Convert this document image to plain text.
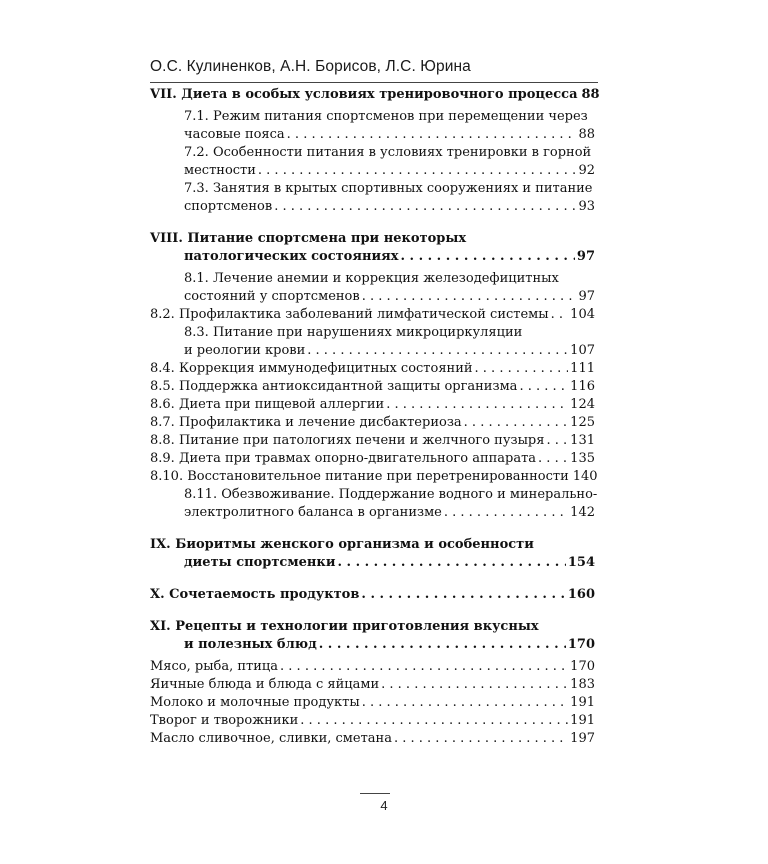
О.С. Кулиненков, А.Н. Борисов, Л.С. Юрина
VII. Диета в особых условиях тренировочного процесса 88
7.1. Режим питания спортсменов при перемещении через
часовые пояса . . .	88
7.2. Особенности питания в условиях тренировки в горной
местности . . .	92
7.3. Занятия в крытых спортивных сооружениях и питание
спортсменов . . .	93
VIII. Питание спортсмена при некоторых
патологических состояниях . . .	97
8.1. Лечение анемии и коррекция железодефицитных
состояний у спортсменов . . .	97
8.2. Профилактика заболеваний лимфатической системы . . . 104
8.3. Питание при нарушениях микроциркуляции
и реологии крови . . .	107
8.4. Коррекция иммунодефицитных состояний . . .	111
8.5. Поддержка антиоксидантной защиты организма . . .	116
8.6. Диета при пищевой аллергии . . .	124
8.7. Профилактика и лечение дисбактериоза . . .	125
8.8. Питание при патологиях печени и желчного пузыря . . . 131
8.9. Диета при травмах опорно-двигательного аппарата . . .	135
8.10. Восстановительное питание при перетренированности 140
8.11. Обезвоживание. Поддержание водного и минерально-
электролитного баланса в организме . . .	142
IX. Биоритмы женского организма и особенности
диеты спортсменки . . .	154
X. Сочетаемость продуктов . . .	160
XI. Рецепты и технологии приготовления вкусных
и полезных блюд . . .	170
Мясо, рыба, птица . . .	170
Яичные блюда и блюда с яйцами . . .	183
Молоко и молочные продукты . . .	191
Творог и творожники . . .	191
Масло сливочное, сливки, сметана . . .	197
4
